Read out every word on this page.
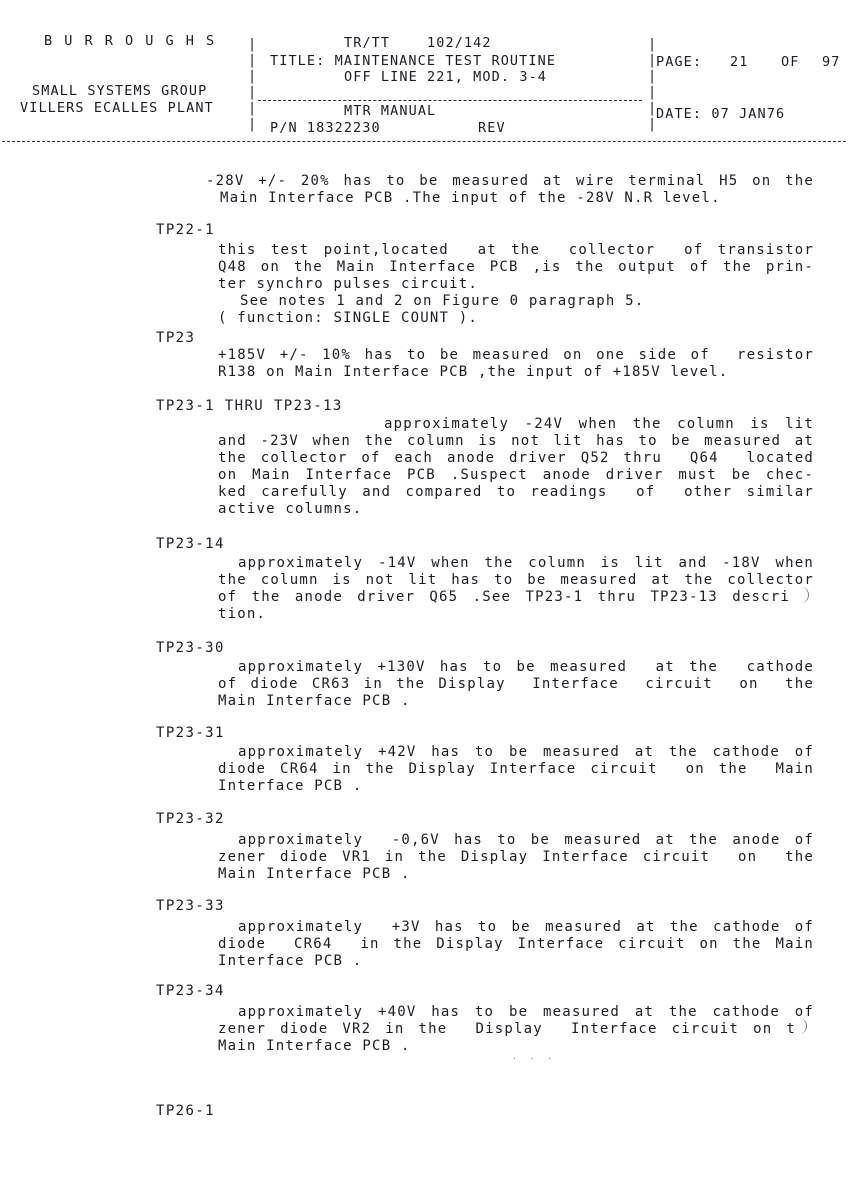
B U R R O U G H S
SMALL SYSTEMS GROUP
VILLERS ECALLES PLANT
|
|
|
|
|
|
TR/TT    102/142
TITLE: MAINTENANCE TEST ROUTINE
OFF LINE 221, MOD. 3-4
MTR MANUAL
P/N 18322230	REV
|
|
|
|
|
|
PAGE: 21 OF 97
DATE: 07 JAN76
-28V +/- 20% has to be measured at wire terminal H5 on the
Main Interface PCB .The input of the -28V N.R level.
TP22-1
this test point,located  at the  collector  of transistor
Q48 on the Main Interface PCB ,is the output of the prin-
ter synchro pulses circuit.
See notes 1 and 2 on Figure 0 paragraph 5.
( function: SINGLE COUNT ).
TP23
+185V +/- 10% has to be measured on one side of  resistor
R138 on Main Interface PCB ,the input of +185V level.
TP23-1 THRU TP23-13
approximately -24V when the column is lit
and -23V when the column is not lit has to be measured at
the collector of each anode driver Q52 thru  Q64  located
on Main Interface PCB .Suspect anode driver must be chec-
ked carefully and compared to readings  of  other similar
active columns.
TP23-14
approximately -14V when the column is lit and -18V when
the column is not lit has to be measured at the collector
of the anode driver Q65 .See TP23-1 thru TP23-13 descri
tion.
TP23-30
approximately +130V has to be measured  at the  cathode
of diode CR63 in the Display  Interface  circuit  on  the
Main Interface PCB .
TP23-31
approximately +42V has to be measured at the cathode of
diode CR64 in the Display Interface circuit  on the  Main
Interface PCB .
TP23-32
approximately  -0,6V has to be measured at the anode of
zener diode VR1 in the Display Interface circuit  on  the
Main Interface PCB .
TP23-33
approximately  +3V has to be measured at the cathode of
diode  CR64  in the Display Interface circuit on the Main
Interface PCB .
TP23-34
approximately +40V has to be measured at the cathode of
zener diode VR2 in the  Display  Interface circuit on t
Main Interface PCB .
. . .
TP26-1
